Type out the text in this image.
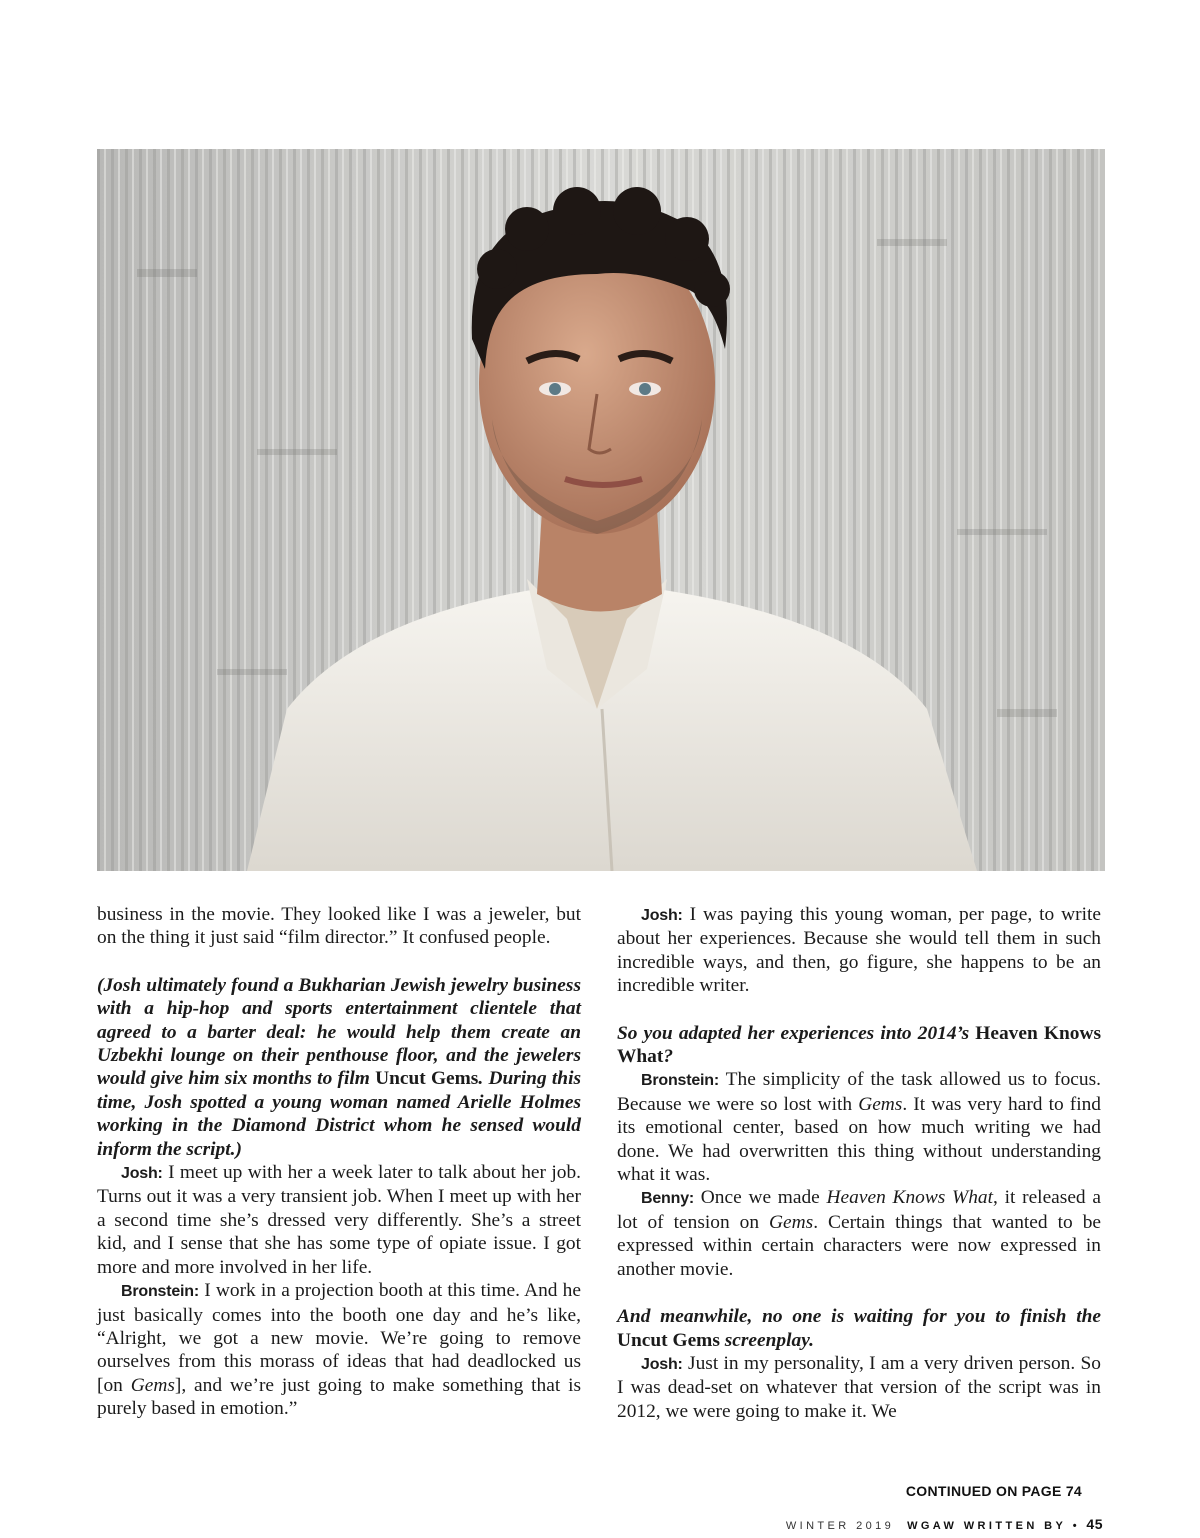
business in the movie. They looked like I was a jeweler, but on the thing it just said “film director.” It confused people.

(Josh ultimately found a Bukharian Jewish jewelry business with a hip-hop and sports entertainment clientele that agreed to a barter deal: he would help them create an Uzbekhi lounge on their penthouse floor, and the jewelers would give him six months to film Uncut Gems. During this time, Josh spotted a young woman named Arielle Holmes working in the Diamond District whom he sensed would inform the script.)

Josh: I meet up with her a week later to talk about her job. Turns out it was a very transient job. When I meet up with her a second time she’s dressed very differently. She’s a street kid, and I sense that she has some type of opiate issue. I got more and more involved in her life.

Bronstein: I work in a projection booth at this time. And he just basically comes into the booth one day and he’s like, “Alright, we got a new movie. We’re going to remove ourselves from this morass of ideas that had deadlocked us [on Gems], and we’re just going to make something that is purely based in emotion.”

Josh: I was paying this young woman, per page, to write about her experiences. Because she would tell them in such incredible ways, and then, go figure, she happens to be an incredible writer.

So you adapted her experiences into 2014’s Heaven Knows What?

Bronstein: The simplicity of the task allowed us to focus. Because we were so lost with Gems. It was very hard to find its emotional center, based on how much writing we had done. We had overwritten this thing without understanding what it was.

Benny: Once we made Heaven Knows What, it released a lot of tension on Gems. Certain things that wanted to be expressed within certain characters were now expressed in another movie.

And meanwhile, no one is waiting for you to finish the Uncut Gems screenplay.

Josh: Just in my personality, I am a very driven person. So I was dead-set on whatever that version of the script was in 2012, we were going to make it. We

CONTINUED ON PAGE 74
WINTER 2019 WGAW WRITTEN BY • 45
